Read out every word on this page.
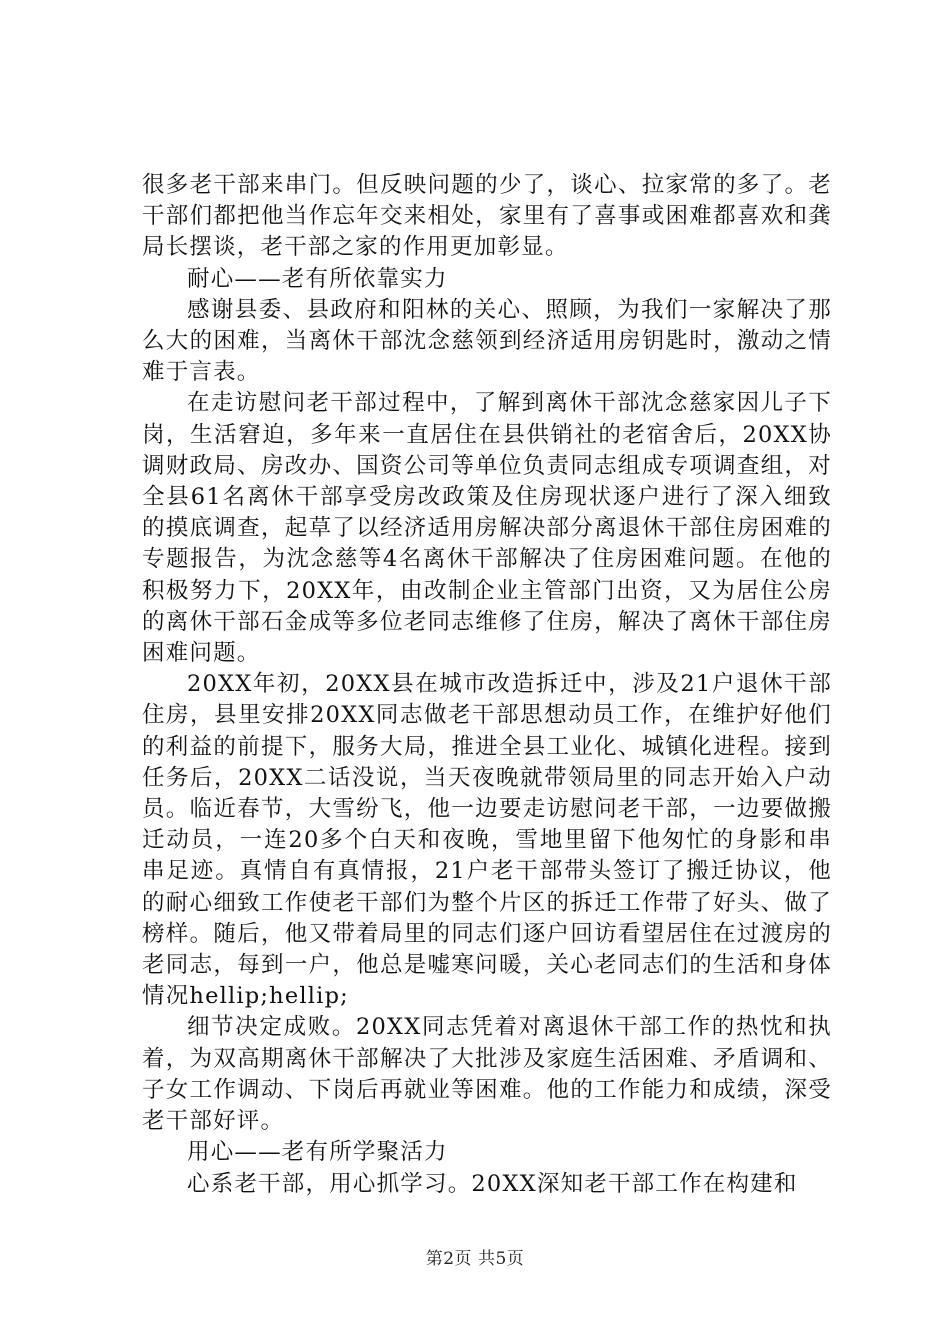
很多老干部来串门。但反映问题的少了，谈心、拉家常的多了。老干部们都把他当作忘年交来相处，家里有了喜事或困难都喜欢和龚局长摆谈，老干部之家的作用更加彰显。

耐心——老有所依靠实力

感谢县委、县政府和阳林的关心、照顾，为我们一家解决了那么大的困难，当离休干部沈念慈领到经济适用房钥匙时，激动之情难于言表。

在走访慰问老干部过程中，了解到离休干部沈念慈家因儿子下岗，生活窘迫，多年来一直居住在县供销社的老宿舍后，20XX协调财政局、房改办、国资公司等单位负责同志组成专项调查组，对全县61名离休干部享受房改政策及住房现状逐户进行了深入细致的摸底调查，起草了以经济适用房解决部分离退休干部住房困难的专题报告，为沈念慈等4名离休干部解决了住房困难问题。在他的积极努力下，20XX年，由改制企业主管部门出资，又为居住公房的离休干部石金成等多位老同志维修了住房，解决了离休干部住房困难问题。

20XX年初，20XX县在城市改造拆迁中，涉及21户退休干部住房，县里安排20XX同志做老干部思想动员工作，在维护好他们的利益的前提下，服务大局，推进全县工业化、城镇化进程。接到任务后，20XX二话没说，当天夜晚就带领局里的同志开始入户动员。临近春节，大雪纷飞，他一边要走访慰问老干部，一边要做搬迁动员，一连20多个白天和夜晚，雪地里留下他匆忙的身影和串串足迹。真情自有真情报，21户老干部带头签订了搬迁协议，他的耐心细致工作使老干部们为整个片区的拆迁工作带了好头、做了榜样。随后，他又带着局里的同志们逐户回访看望居住在过渡房的老同志，每到一户，他总是嘘寒问暖，关心老同志们的生活和身体情况hellip;hellip;

细节决定成败。20XX同志凭着对离退休干部工作的热忱和执着，为双高期离休干部解决了大批涉及家庭生活困难、矛盾调和、子女工作调动、下岗后再就业等困难。他的工作能力和成绩，深受老干部好评。

用心——老有所学聚活力

心系老干部，用心抓学习。20XX深知老干部工作在构建和

第2页 共5页
